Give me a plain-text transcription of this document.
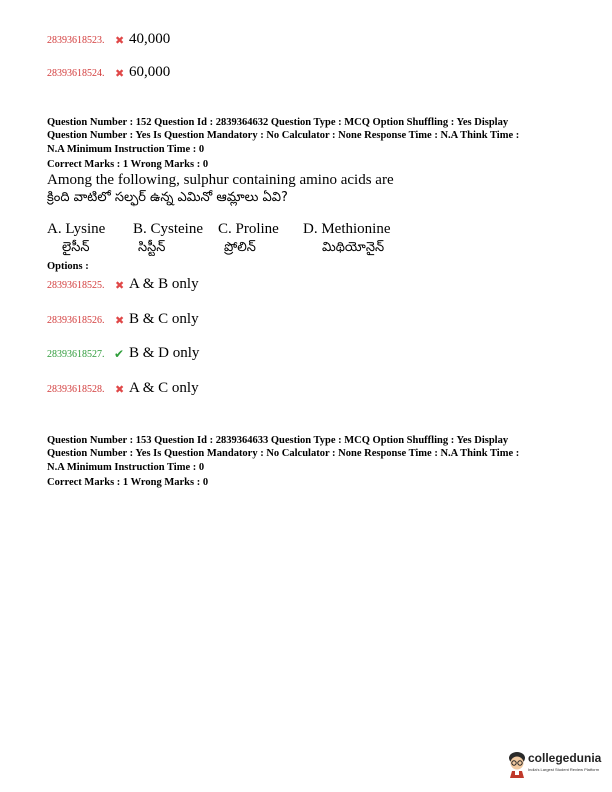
28393618523. ✖ 40,000
28393618524. ✖ 60,000
Question Number : 152 Question Id : 2839364632 Question Type : MCQ Option Shuffling : Yes Display
Question Number : Yes Is Question Mandatory : No Calculator : None Response Time : N.A Think Time :
N.A Minimum Instruction Time : 0
Correct Marks : 1 Wrong Marks : 0
Among the following, sulphur containing amino acids are
క్రింది వాటిలో సల్ఫర్ ఉన్న ఎమినో ఆమ్లాలు ఏవి?
A. Lysine B. Cysteine C. Proline D. Methionine
లైసీన్	సిస్టీన్	ప్రోలిన్	మిథియోనైన్
Options :
28393618525. ✖ A & B only
28393618526. ✖ B & C only
28393618527. ✔ B & D only
28393618528. ✖ A & C only
Question Number : 153 Question Id : 2839364633 Question Type : MCQ Option Shuffling : Yes Display
Question Number : Yes Is Question Mandatory : No Calculator : None Response Time : N.A Think Time :
N.A Minimum Instruction Time : 0
Correct Marks : 1 Wrong Marks : 0
collegedunia
India's Largest Student Review Platform
